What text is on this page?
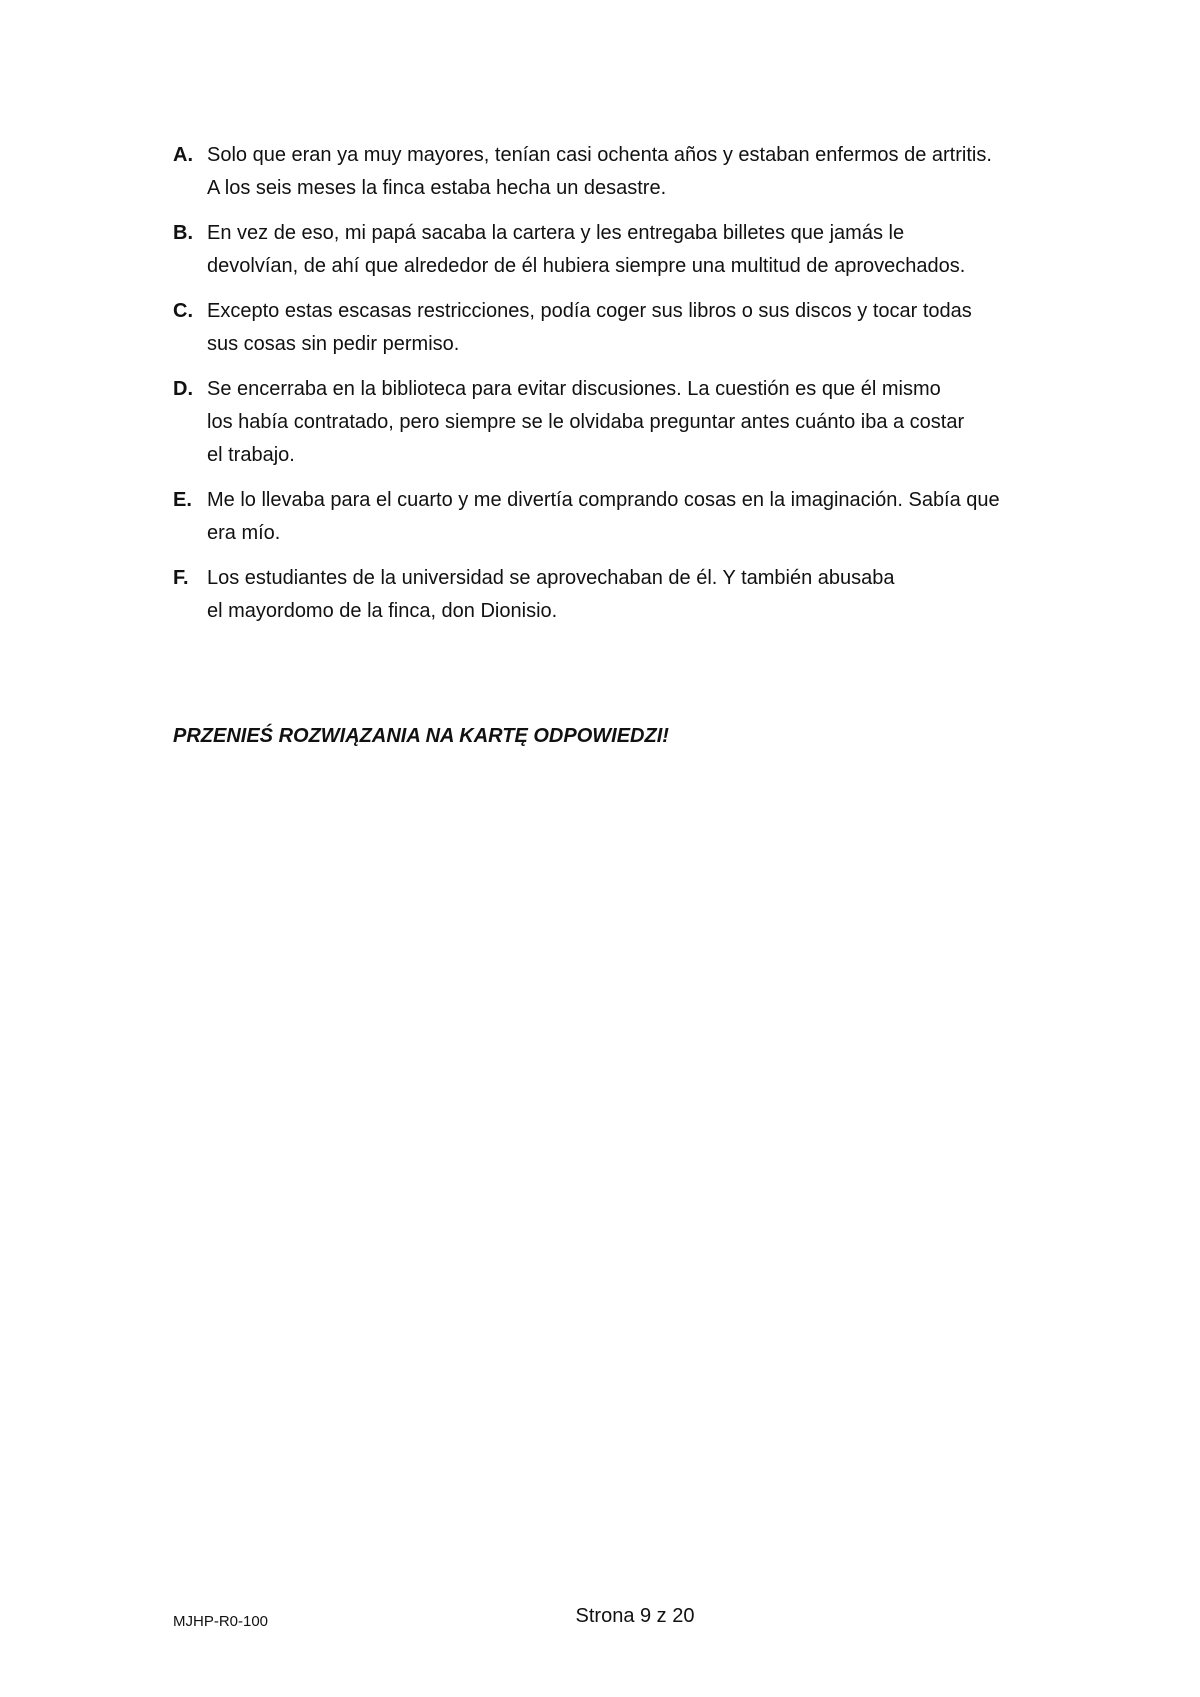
A. Solo que eran ya muy mayores, tenían casi ochenta años y estaban enfermos de artritis.
A los seis meses la finca estaba hecha un desastre.
B. En vez de eso, mi papá sacaba la cartera y les entregaba billetes que jamás le
devolvían, de ahí que alrededor de él hubiera siempre una multitud de aprovechados.
C. Excepto estas escasas restricciones, podía coger sus libros o sus discos y tocar todas
sus cosas sin pedir permiso.
D. Se encerraba en la biblioteca para evitar discusiones. La cuestión es que él mismo
los había contratado, pero siempre se le olvidaba preguntar antes cuánto iba a costar
el trabajo.
E. Me lo llevaba para el cuarto y me divertía comprando cosas en la imaginación. Sabía que
era mío.
F. Los estudiantes de la universidad se aprovechaban de él. Y también abusaba
el mayordomo de la finca, don Dionisio.
PRZENIEŚ ROZWIĄZANIA NA KARTĘ ODPOWIEDZI!
MJHP-R0-100	Strona 9 z 20
